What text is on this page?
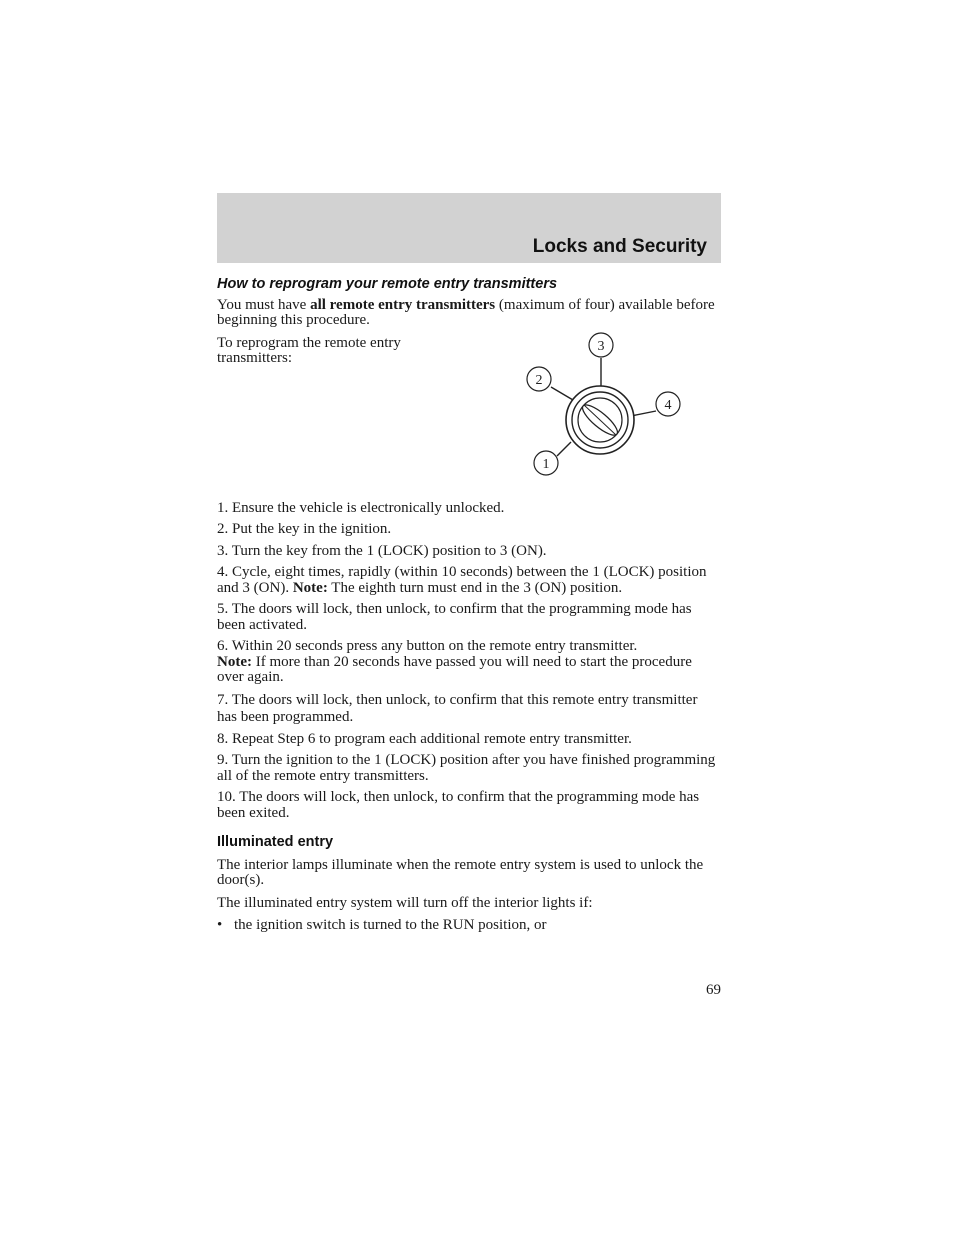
Locks and Security
How to reprogram your remote entry transmitters

You must have all remote entry transmitters (maximum of four) available before beginning this procedure.

To reprogram the remote entry transmitters:
3
2
4
1

1. Ensure the vehicle is electronically unlocked.

2. Put the key in the ignition.

3. Turn the key from the 1 (LOCK) position to 3 (ON).

4. Cycle, eight times, rapidly (within 10 seconds) between the 1 (LOCK) position and 3 (ON). Note: The eighth turn must end in the 3 (ON) position.

5. The doors will lock, then unlock, to confirm that the programming mode has been activated.

6. Within 20 seconds press any button on the remote entry transmitter.
Note: If more than 20 seconds have passed you will need to start the procedure over again.

7. The doors will lock, then unlock, to confirm that this remote entry transmitter has been programmed.

8. Repeat Step 6 to program each additional remote entry transmitter.

9. Turn the ignition to the 1 (LOCK) position after you have finished programming all of the remote entry transmitters.

10. The doors will lock, then unlock, to confirm that the programming mode has been exited.

Illuminated entry

The interior lamps illuminate when the remote entry system is used to unlock the door(s).

The illuminated entry system will turn off the interior lights if:

• the ignition switch is turned to the RUN position, or
69
